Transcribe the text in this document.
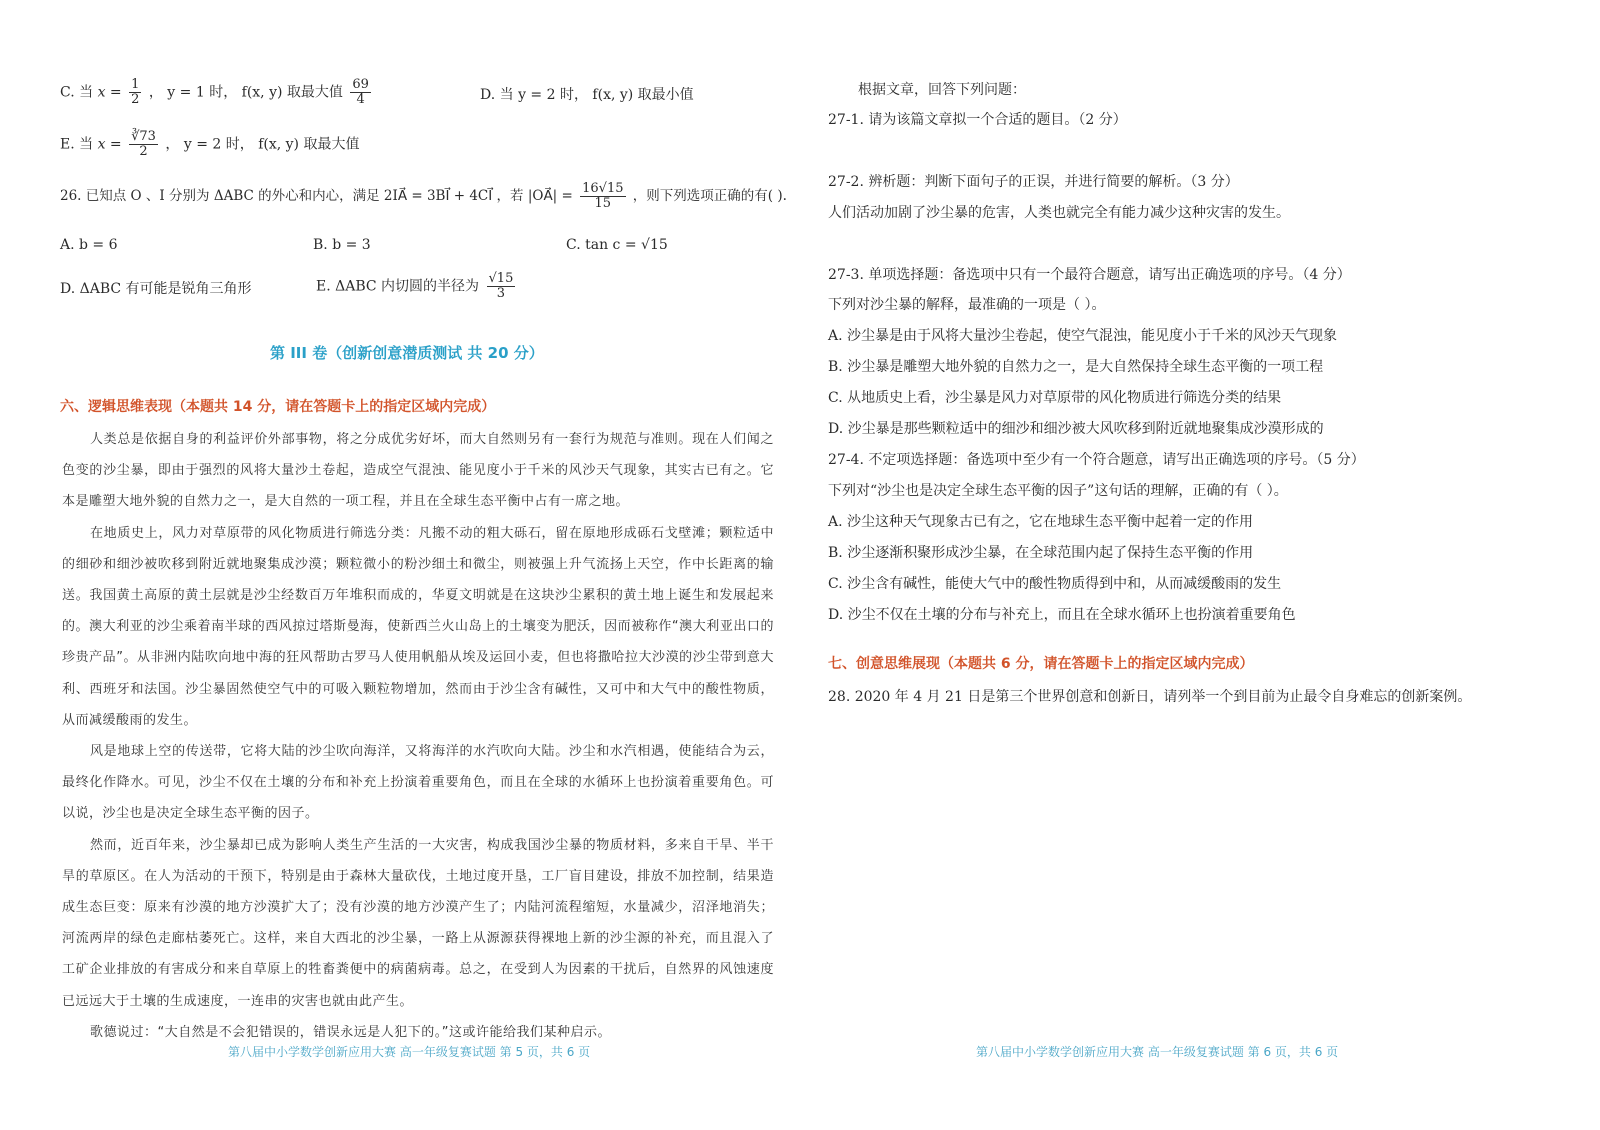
C. 当 $x = \frac{1}{2}$ ， y = 1 时， f(x, y) 取最大值 $\frac{69}{4}$	D. 当 y = 2 时， f(x, y) 取最小值
E. 当 $x = \frac{∛73}{2}$ ， y = 2 时， f(x, y) 取最大值
26. 已知点 O 、I 分别为 ΔABC 的外心和内心，满足 2IA⃗ = 3BI⃗ + 4CI⃗ ，若 |OA⃗| = $\frac{16√15}{15}$ ，则下列选项正确的有( ).
A. b = 6	B. b = 3	C. tan c = √15
D. ΔABC 有可能是锐角三角形	E. ΔABC 内切圆的半径为 $\frac{√15}{3}$
第 III 卷（创新创意潜质测试 共 20 分）
六、逻辑思维表现（本题共 14 分，请在答题卡上的指定区域内完成）

人类总是依据自身的利益评价外部事物，将之分成优劣好坏，而大自然则另有一套行为规范与准则。现在人们闻之色变的沙尘暴，即由于强烈的风将大量沙土卷起，造成空气混浊、能见度小于千米的风沙天气现象，其实古已有之。它本是雕塑大地外貌的自然力之一，是大自然的一项工程，并且在全球生态平衡中占有一席之地。

在地质史上，风力对草原带的风化物质进行筛选分类：凡搬不动的粗大砾石，留在原地形成砾石戈壁滩；颗粒适中的细砂和细沙被吹移到附近就地聚集成沙漠；颗粒微小的粉沙细土和微尘，则被强上升气流扬上天空，作中长距离的输送。我国黄土高原的黄土层就是沙尘经数百万年堆积而成的，华夏文明就是在这块沙尘累积的黄土地上诞生和发展起来的。澳大利亚的沙尘乘着南半球的西风掠过塔斯曼海，使新西兰火山岛上的土壤变为肥沃，因而被称作“澳大利亚出口的珍贵产品”。从非洲内陆吹向地中海的狂风帮助古罗马人使用帆船从埃及运回小麦，但也将撒哈拉大沙漠的沙尘带到意大利、西班牙和法国。沙尘暴固然使空气中的可吸入颗粒物增加，然而由于沙尘含有碱性，又可中和大气中的酸性物质，从而减缓酸雨的发生。

风是地球上空的传送带，它将大陆的沙尘吹向海洋，又将海洋的水汽吹向大陆。沙尘和水汽相遇，使能结合为云，最终化作降水。可见，沙尘不仅在土壤的分布和补充上扮演着重要角色，而且在全球的水循环上也扮演着重要角色。可以说，沙尘也是决定全球生态平衡的因子。

然而，近百年来，沙尘暴却已成为影响人类生产生活的一大灾害，构成我国沙尘暴的物质材料，多来自干旱、半干旱的草原区。在人为活动的干预下，特别是由于森林大量砍伐，土地过度开垦，工厂盲目建设，排放不加控制，结果造成生态巨变：原来有沙漠的地方沙漠扩大了；没有沙漠的地方沙漠产生了；内陆河流程缩短，水量减少，沼泽地消失；河流两岸的绿色走廊枯萎死亡。这样，来自大西北的沙尘暴，一路上从源源获得裸地上新的沙尘源的补充，而且混入了工矿企业排放的有害成分和来自草原上的牲畜粪便中的病菌病毒。总之，在受到人为因素的干扰后，自然界的风蚀速度已远远大于土壤的生成速度，一连串的灾害也就由此产生。

歌德说过：“大自然是不会犯错误的，错误永远是人犯下的。”这或许能给我们某种启示。

第八届中小学数学创新应用大赛 高一年级复赛试题 第 5 页，共 6 页
根据文章，回答下列问题：
27-1. 请为该篇文章拟一个合适的题目。（2 分）
27-2. 辨析题：判断下面句子的正误，并进行简要的解析。（3 分）
人们活动加剧了沙尘暴的危害，人类也就完全有能力减少这种灾害的发生。
27-3. 单项选择题：备选项中只有一个最符合题意，请写出正确选项的序号。（4 分）
下列对沙尘暴的解释，最准确的一项是（ ）。
A. 沙尘暴是由于风将大量沙尘卷起，使空气混浊，能见度小于千米的风沙天气现象
B. 沙尘暴是雕塑大地外貌的自然力之一，是大自然保持全球生态平衡的一项工程
C. 从地质史上看，沙尘暴是风力对草原带的风化物质进行筛选分类的结果
D. 沙尘暴是那些颗粒适中的细沙和细沙被大风吹移到附近就地聚集成沙漠形成的
27-4. 不定项选择题：备选项中至少有一个符合题意，请写出正确选项的序号。（5 分）
下列对“沙尘也是决定全球生态平衡的因子”这句话的理解，正确的有（ ）。
A. 沙尘这种天气现象古已有之，它在地球生态平衡中起着一定的作用
B. 沙尘逐渐积聚形成沙尘暴，在全球范围内起了保持生态平衡的作用
C. 沙尘含有碱性，能使大气中的酸性物质得到中和，从而减缓酸雨的发生
D. 沙尘不仅在土壤的分布与补充上，而且在全球水循环上也扮演着重要角色
七、创意思维展现（本题共 6 分，请在答题卡上的指定区域内完成）
28. 2020 年 4 月 21 日是第三个世界创意和创新日，请列举一个到目前为止最令自身难忘的创新案例。
第八届中小学数学创新应用大赛 高一年级复赛试题 第 6 页，共 6 页
